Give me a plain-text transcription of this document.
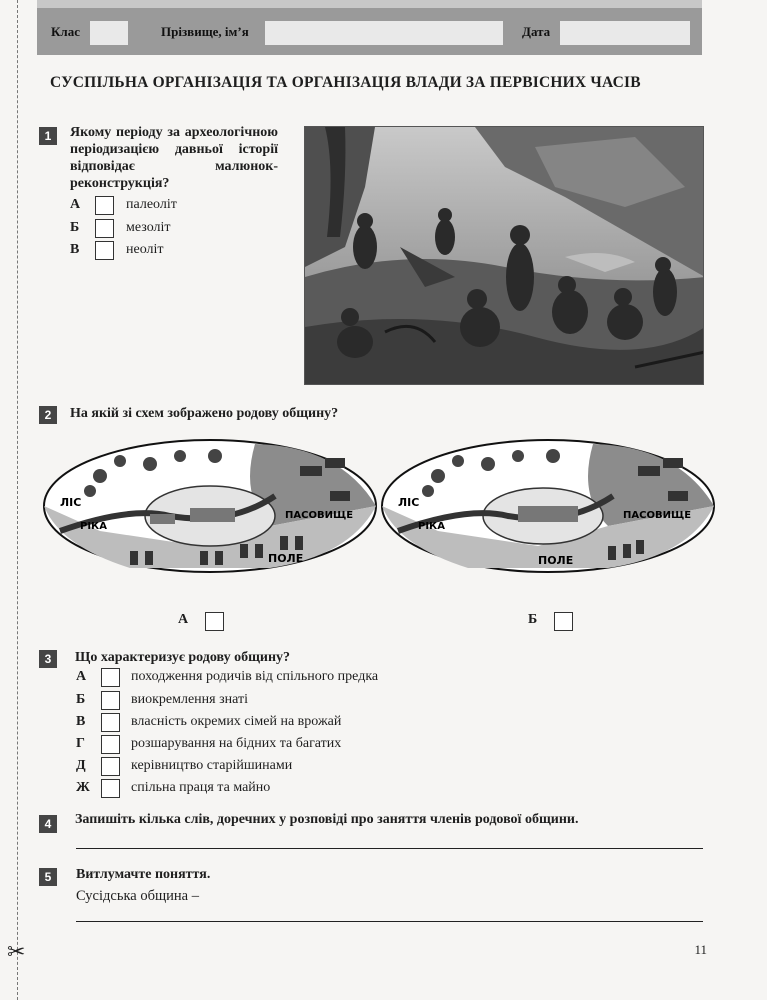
✂
Клас	Прізвище, ім’я	Дата
СУСПІЛЬНА ОРГАНІЗАЦІЯ ТА ОРГАНІЗАЦІЯ ВЛАДИ ЗА ПЕРВІСНИХ ЧАСІВ
1	Якому періоду за археологічною періодизацією давньої історії відповідає малюнок-реконструкція?
А	палеоліт
Б	мезоліт
В	неоліт
2	На якій зі схем зображено родову общину?
ЛІС
РІКА
ПАСОВИЩЕ
ПОЛЕ
А
ЛІС
РІКА
ПАСОВИЩЕ
ПОЛЕ
Б
3	Що характеризує родову общину?
А	походження родичів від спільного предка
Б	виокремлення знаті
В	власність окремих сімей на врожай
Г	розшарування на бідних та багатих
Д	керівництво старійшинами
Ж	спільна праця та майно
4	Запишіть кілька слів, доречних у розповіді про заняття членів родової общини.
5	Витлумачте поняття.
Сусідська община –
11
